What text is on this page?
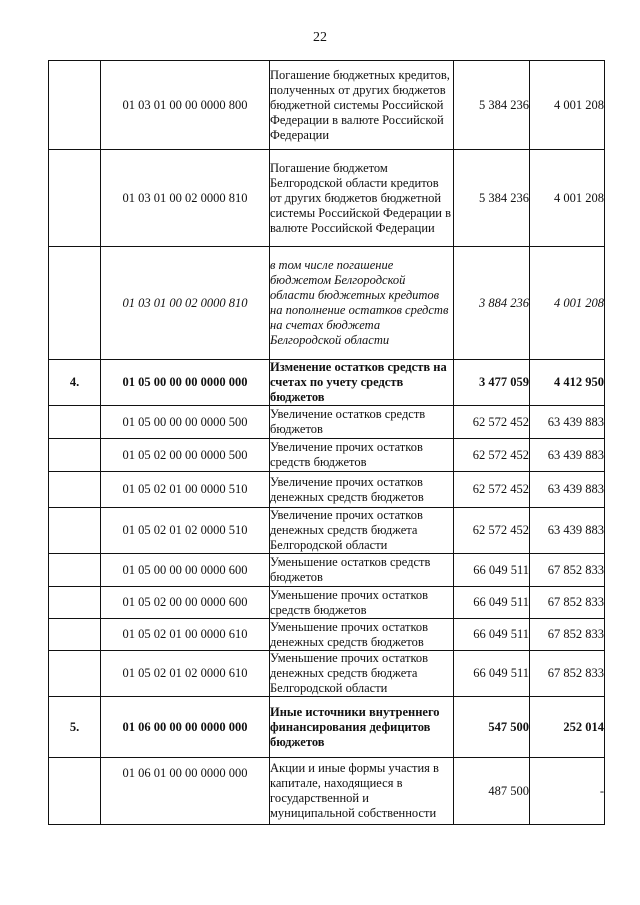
22
	01 03 01 00 00 0000 800	Погашение бюджетных кредитов, полученных от других бюджетов бюджетной системы Российской Федерации в валюте Российской Федерации	5 384 236	4 001 208
	01 03 01 00 02 0000 810	Погашение бюджетом Белгородской области кредитов от других бюджетов бюджетной системы Российской Федерации в валюте Российской Федерации	5 384 236	4 001 208
	01 03 01 00 02 0000 810	в том числе погашение бюджетом Белгородской области бюджетных кредитов на пополнение остатков средств на счетах бюджета Белгородской области	3 884 236	4 001 208
4.	01 05 00 00 00 0000 000	Изменение остатков средств на счетах по учету средств бюджетов	3 477 059	4 412 950
	01 05 00 00 00 0000 500	Увеличение остатков средств бюджетов	62 572 452	63 439 883
	01 05 02 00 00 0000 500	Увеличение прочих остатков средств бюджетов	62 572 452	63 439 883
	01 05 02 01 00 0000 510	Увеличение прочих остатков денежных средств бюджетов	62 572 452	63 439 883
	01 05 02 01 02 0000 510	Увеличение прочих остатков денежных средств бюджета Белгородской области	62 572 452	63 439 883
	01 05 00 00 00 0000 600	Уменьшение остатков средств бюджетов	66 049 511	67 852 833
	01 05 02 00 00 0000 600	Уменьшение прочих остатков средств бюджетов	66 049 511	67 852 833
	01 05 02 01 00 0000 610	Уменьшение прочих остатков денежных средств бюджетов	66 049 511	67 852 833
	01 05 02 01 02 0000 610	Уменьшение прочих остатков денежных средств бюджета Белгородской области	66 049 511	67 852 833
5.	01 06 00 00 00 0000 000	Иные источники внутреннего финансирования дефицитов бюджетов	547 500	252 014
	01 06 01 00 00 0000 000	Акции и иные формы участия в капитале, находящиеся в государственной и муниципальной собственности	487 500	-
